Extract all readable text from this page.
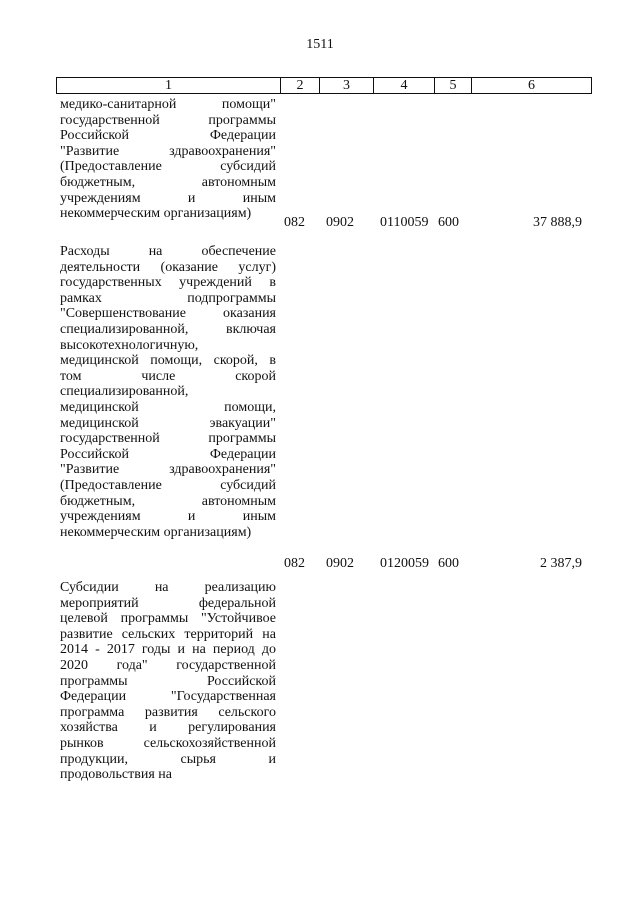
1511
1	2	3	4	5	6
медико-санитарной помощи"
государственной программы
Российской Федерации
"Развитие здравоохранения"
(Предоставление субсидий
бюджетным, автономным
учреждениям и иным
некоммерческим организациям)
082 0902 0110059 600	37 888,9
Расходы на обеспечение
деятельности (оказание услуг)
государственных учреждений в
рамках подпрограммы
"Совершенствование оказания
специализированной, включая
высокотехнологичную,
медицинской помощи, скорой, в
том числе скорой
специализированной,
медицинской помощи,
медицинской эвакуации"
государственной программы
Российской Федерации
"Развитие здравоохранения"
(Предоставление субсидий
бюджетным, автономным
учреждениям и иным
некоммерческим организациям)
082 0902 0120059 600	2 387,9
Субсидии на реализацию
мероприятий федеральной
целевой программы "Устойчивое
развитие сельских территорий на
2014 - 2017 годы и на период до
2020 года" государственной
программы Российской
Федерации "Государственная
программа развития сельского
хозяйства и регулирования
рынков сельскохозяйственной
продукции, сырья и
продовольствия на
